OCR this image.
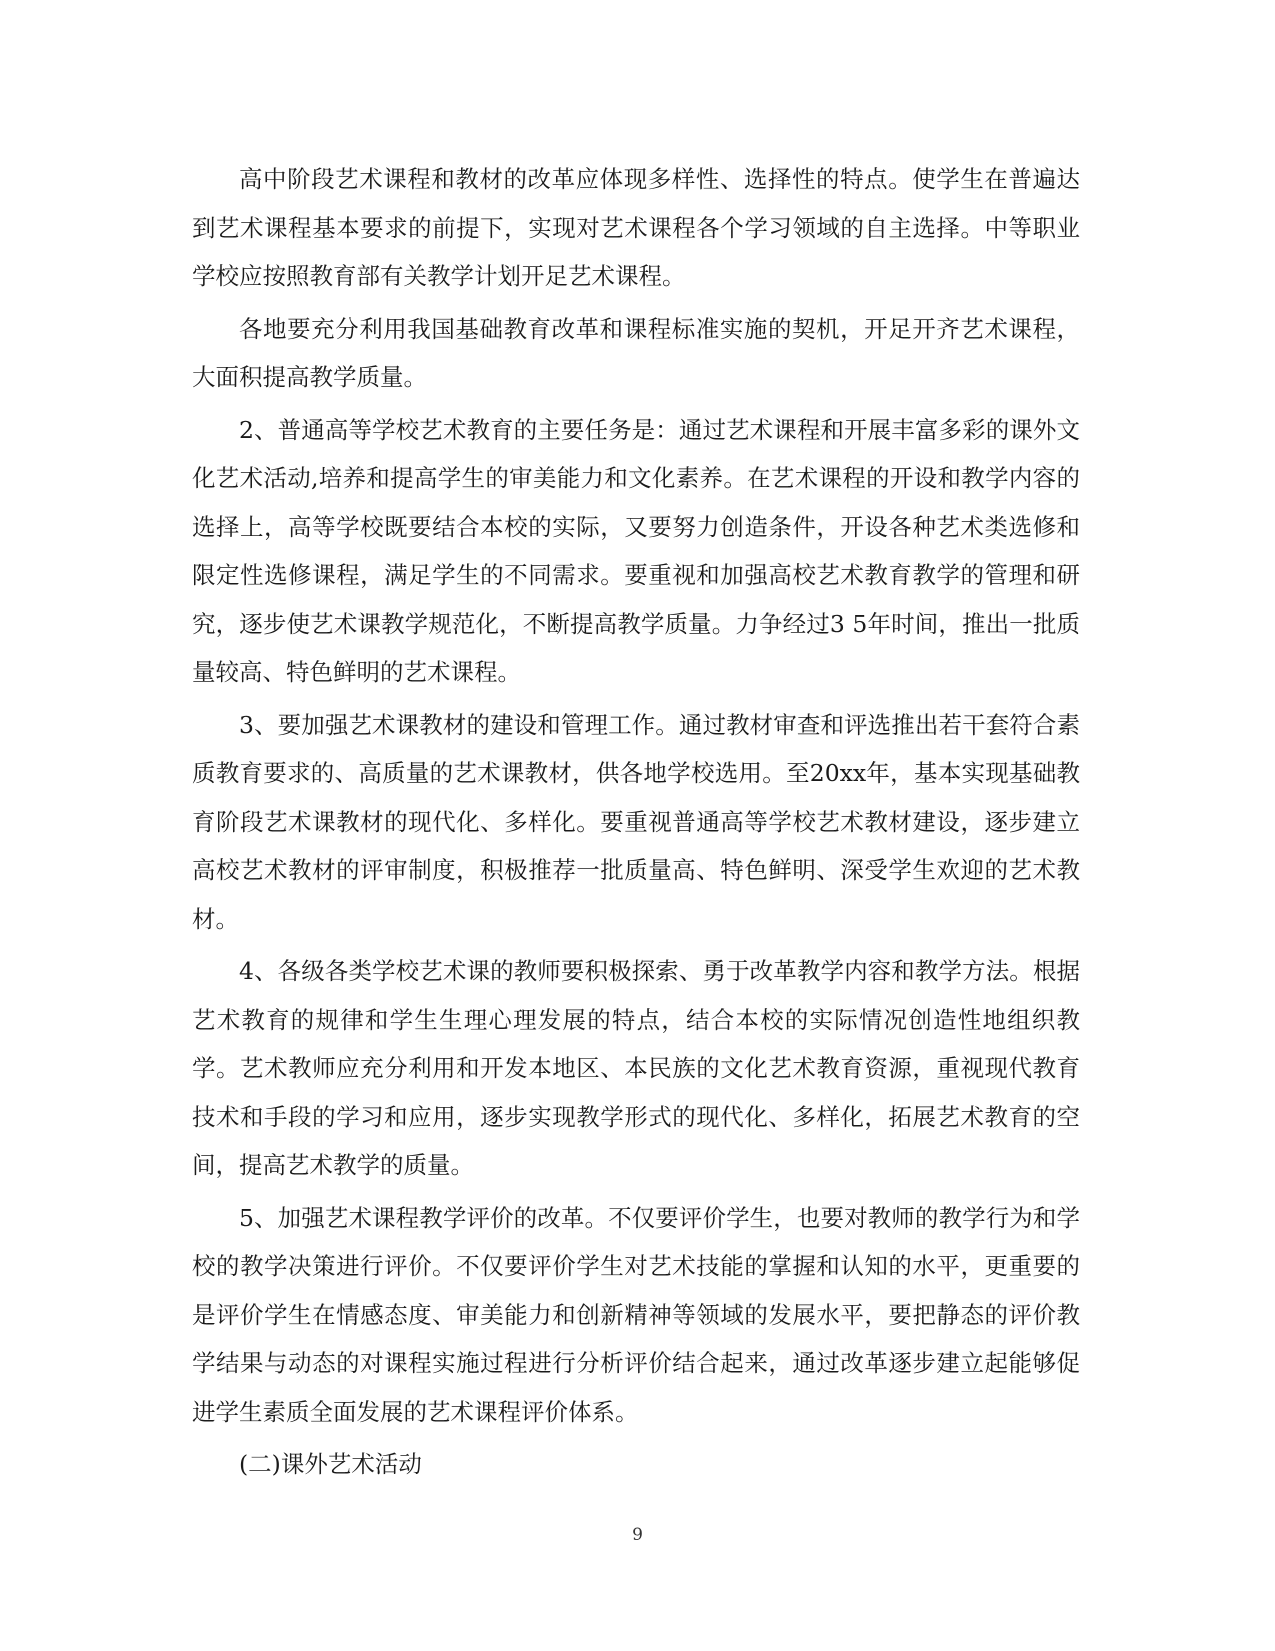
高中阶段艺术课程和教材的改革应体现多样性、选择性的特点。使学生在普遍达到艺术课程基本要求的前提下，实现对艺术课程各个学习领域的自主选择。中等职业学校应按照教育部有关教学计划开足艺术课程。

各地要充分利用我国基础教育改革和课程标准实施的契机，开足开齐艺术课程，大面积提高教学质量。

2、普通高等学校艺术教育的主要任务是：通过艺术课程和开展丰富多彩的课外文化艺术活动,培养和提高学生的审美能力和文化素养。在艺术课程的开设和教学内容的选择上，高等学校既要结合本校的实际，又要努力创造条件，开设各种艺术类选修和限定性选修课程，满足学生的不同需求。要重视和加强高校艺术教育教学的管理和研究，逐步使艺术课教学规范化，不断提高教学质量。力争经过3 5年时间，推出一批质量较高、特色鲜明的艺术课程。

3、要加强艺术课教材的建设和管理工作。通过教材审查和评选推出若干套符合素质教育要求的、高质量的艺术课教材，供各地学校选用。至20xx年，基本实现基础教育阶段艺术课教材的现代化、多样化。要重视普通高等学校艺术教材建设，逐步建立高校艺术教材的评审制度，积极推荐一批质量高、特色鲜明、深受学生欢迎的艺术教材。

4、各级各类学校艺术课的教师要积极探索、勇于改革教学内容和教学方法。根据艺术教育的规律和学生生理心理发展的特点，结合本校的实际情况创造性地组织教学。艺术教师应充分利用和开发本地区、本民族的文化艺术教育资源，重视现代教育技术和手段的学习和应用，逐步实现教学形式的现代化、多样化，拓展艺术教育的空间，提高艺术教学的质量。

5、加强艺术课程教学评价的改革。不仅要评价学生，也要对教师的教学行为和学校的教学决策进行评价。不仅要评价学生对艺术技能的掌握和认知的水平，更重要的是评价学生在情感态度、审美能力和创新精神等领域的发展水平，要把静态的评价教学结果与动态的对课程实施过程进行分析评价结合起来，通过改革逐步建立起能够促进学生素质全面发展的艺术课程评价体系。

(二)课外艺术活动

9
